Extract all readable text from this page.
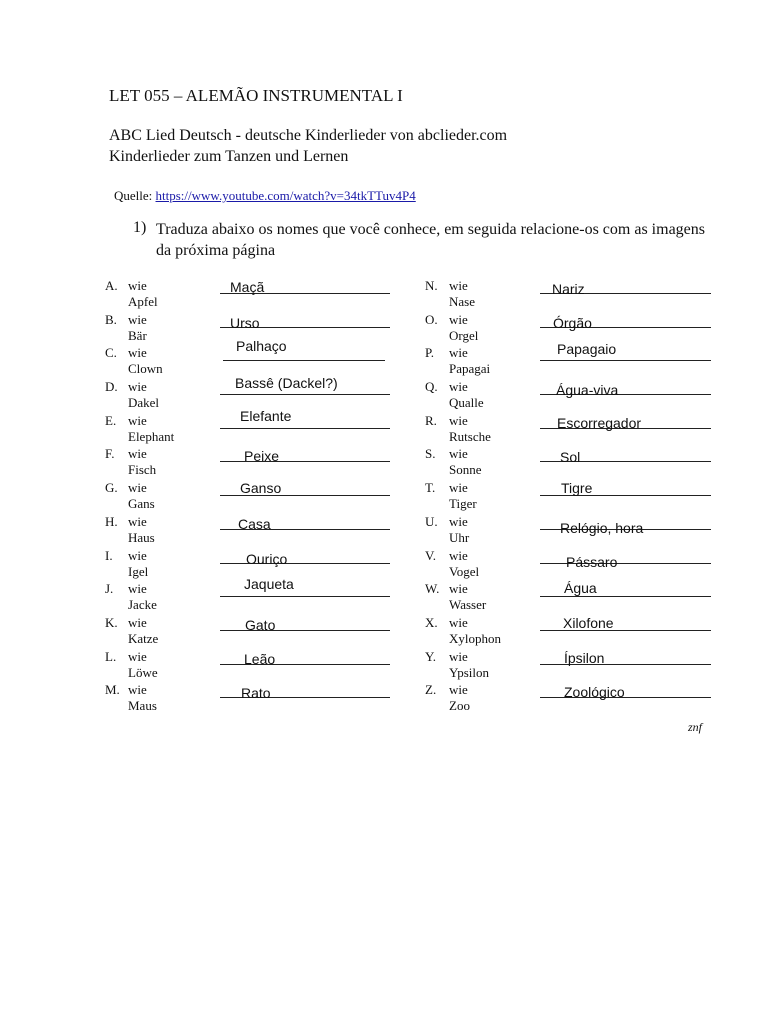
LET 055 – ALEMÃO INSTRUMENTAL I
ABC Lied Deutsch - deutsche Kinderlieder von abclieder.com
Kinderlieder zum Tanzen und Lernen
Quelle: https://www.youtube.com/watch?v=34tkTTuv4P4
1) Traduza abaixo os nomes que você conhece, em seguida relacione-os com as imagens da próxima página
A. wie Apfel
Maçã
B. wie Bär
Urso
C. wie Clown
Palhaço
D. wie Dakel
Bassê (Dackel?)
E. wie Elephant
Elefante
F. wie Fisch
Peixe
G. wie Gans
Ganso
H. wie Haus
Casa
I. wie Igel
Ouriço
J. wie Jacke
Jaqueta
K. wie Katze
Gato
L. wie Löwe
Leão
M. wie Maus
Rato
N. wie Nase
Nariz
O. wie Orgel
Órgão
P. wie Papagai
Papagaio
Q. wie Qualle
Água-viva
R. wie Rutsche
Escorregador
S. wie Sonne
Sol
T. wie Tiger
Tigre
U. wie Uhr
Relógio, hora
V. wie Vogel
Pássaro
W. wie Wasser
Água
X. wie Xylophon
Xilofone
Y. wie Ypsilon
Ípsilon
Z. wie Zoo
Zoológico
znf
